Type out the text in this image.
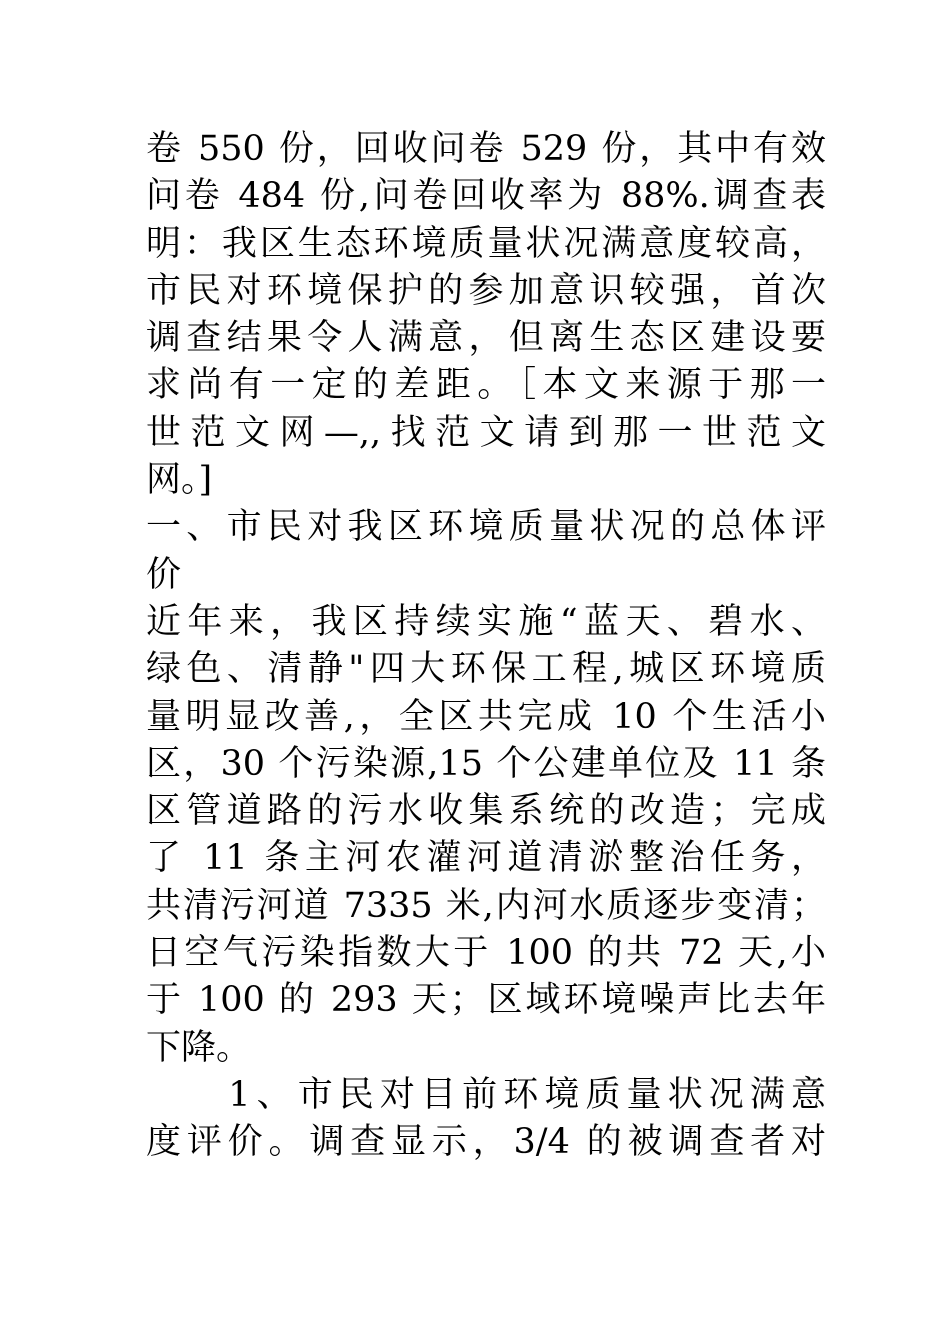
卷 550 份，回收问卷 529 份，其中有效
问卷 484 份,问卷回收率为 88%.调查表
明：我区生态环境质量状况满意度较高，
市民对环境保护的参加意识较强，首次
调查结果令人满意，但离生态区建设要
求尚有一定的差距。［本文来源于那一
世范文网—,,找范文请到那一世范文
网。]
一、市民对我区环境质量状况的总体评
价
近年来，我区持续实施“蓝天、碧水、
绿色、清静"四大环保工程,城区环境质
量明显改善,，全区共完成 10 个生活小
区，30 个污染源,15 个公建单位及 11 条
区管道路的污水收集系统的改造；完成
了 11 条主河农灌河道清淤整治任务，
共清污河道 7335 米,内河水质逐步变清；
日空气污染指数大于 100 的共 72 天,小
于 100 的 293 天；区域环境噪声比去年
下降。
　　1、市民对目前环境质量状况满意
度评价。调查显示，3/4 的被调查者对
